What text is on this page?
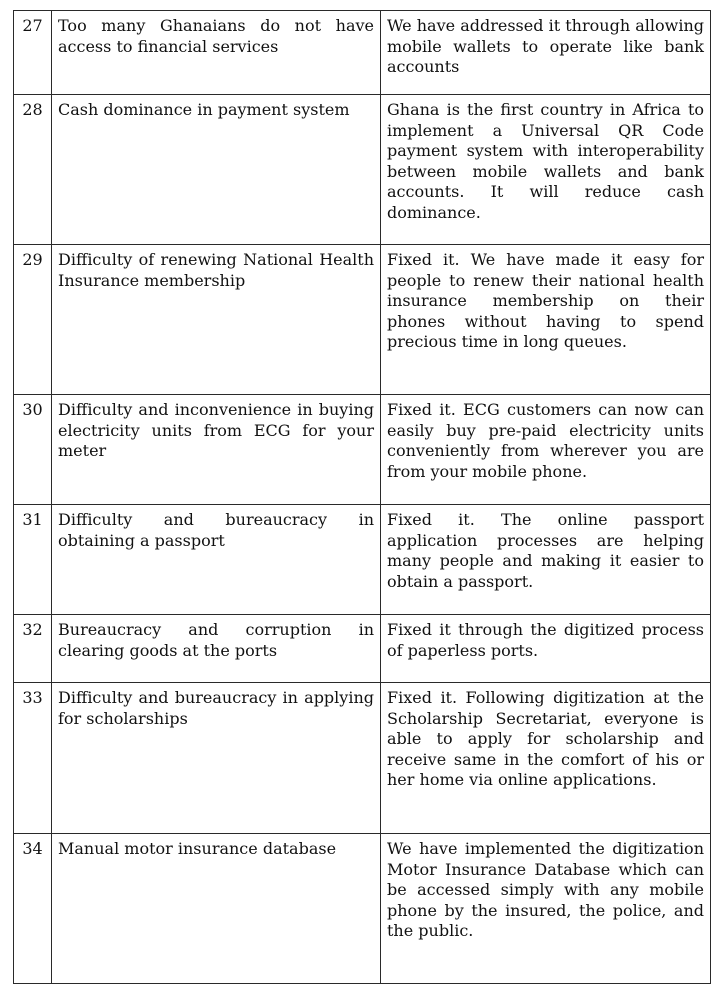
27	Too many Ghanaians do not have access to financial services	We have addressed it through allowing mobile wallets to operate like bank accounts
28	Cash dominance in payment system	Ghana is the first country in Africa to implement a Universal QR Code payment system with interoperability between mobile wallets and bank accounts. It will reduce cash dominance.
29	Difficulty of renewing National Health Insurance membership	Fixed it. We have made it easy for people to renew their national health insurance membership on their phones without having to spend precious time in long queues.
30	Difficulty and inconvenience in buying electricity units from ECG for your meter	Fixed it. ECG customers can now can easily buy pre-paid electricity units conveniently from wherever you are from your mobile phone.
31	Difficulty and bureaucracy in obtaining a passport	Fixed it. The online passport application processes are helping many people and making it easier to obtain a passport.
32	Bureaucracy and corruption in clearing goods at the ports	Fixed it through the digitized process of paperless ports.
33	Difficulty and bureaucracy in applying for scholarships	Fixed it. Following digitization at the Scholarship Secretariat, everyone is able to apply for scholarship and receive same in the comfort of his or her home via online applications.
34	Manual motor insurance database	We have implemented the digitization Motor Insurance Database which can be accessed simply with any mobile phone by the insured, the police, and the public.
